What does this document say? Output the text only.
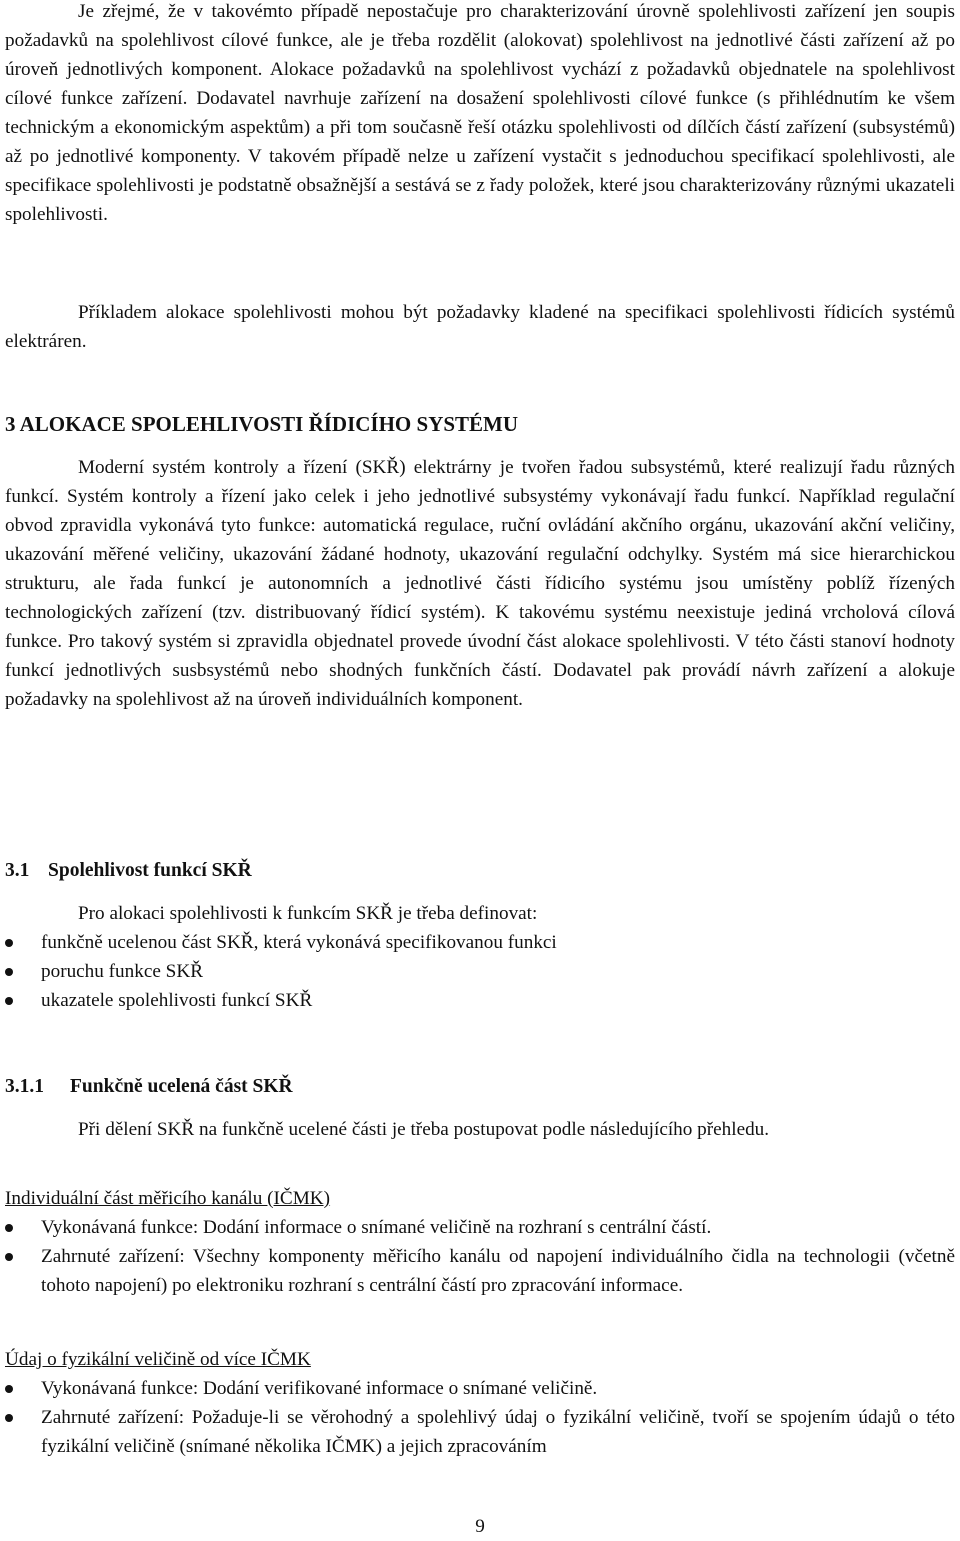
Je zřejmé, že v takovémto případě nepostačuje pro charakterizování úrovně spolehlivosti zařízení jen soupis požadavků na spolehlivost cílové funkce, ale je třeba rozdělit (alokovat) spolehlivost na jednotlivé části zařízení až po úroveň jednotlivých komponent. Alokace požadavků na spolehlivost vychází z požadavků objednatele na spolehlivost cílové funkce zařízení. Dodavatel navrhuje zařízení na dosažení spolehlivosti cílové funkce (s přihlédnutím ke všem technickým a ekonomickým aspektům) a při tom současně řeší otázku spolehlivosti od dílčích částí zařízení (subsystémů) až po jednotlivé komponenty. V takovém případě nelze u zařízení vystačit s jednoduchou specifikací spolehlivosti, ale specifikace spolehlivosti je podstatně obsažnější a sestává se z řady položek, které jsou charakterizovány různými ukazateli spolehlivosti.

Příkladem alokace spolehlivosti mohou být požadavky kladené na specifikaci spolehlivosti řídicích systémů elektráren.

3 ALOKACE SPOLEHLIVOSTI ŘÍDICÍHO SYSTÉMU

Moderní systém kontroly a řízení (SKŘ) elektrárny je tvořen řadou subsystémů, které realizují řadu různých funkcí. Systém kontroly a řízení jako celek i jeho jednotlivé subsystémy vykonávají řadu funkcí. Například regulační obvod zpravidla vykonává tyto funkce: automatická regulace, ruční ovládání akčního orgánu, ukazování akční veličiny, ukazování měřené veličiny, ukazování žádané hodnoty, ukazování regulační odchylky. Systém má sice hierarchickou strukturu, ale řada funkcí je autonomních a jednotlivé části řídicího systému jsou umístěny poblíž řízených technologických zařízení (tzv. distribuovaný řídicí systém). K takovému systému neexistuje jediná vrcholová cílová funkce. Pro takový systém si zpravidla objednatel provede úvodní část alokace spolehlivosti. V této části stanoví hodnoty funkcí jednotlivých susbsystémů nebo shodných funkčních částí. Dodavatel pak provádí návrh zařízení a alokuje požadavky na spolehlivost až na úroveň individuálních komponent.

3.1 Spolehlivost funkcí SKŘ

Pro alokaci spolehlivosti k funkcím SKŘ je třeba definovat:

funkčně ucelenou část SKŘ, která vykonává specifikovanou funkci
poruchu funkce SKŘ
ukazatele spolehlivosti funkcí SKŘ
3.1.1 Funkčně ucelená část SKŘ

Při dělení SKŘ na funkčně ucelené části je třeba postupovat podle následujícího přehledu.

Individuální část měřicího kanálu (IČMK)
Vykonávaná funkce: Dodání informace o snímané veličině na rozhraní s centrální částí.
Zahrnuté zařízení: Všechny komponenty měřicího kanálu od napojení individuálního čidla na technologii (včetně tohoto napojení) po elektroniku rozhraní s centrální částí pro zpracování informace.
Údaj o fyzikální veličině od více IČMK
Vykonávaná funkce: Dodání verifikované informace o snímané veličině.
Zahrnuté zařízení: Požaduje-li se věrohodný a spolehlivý údaj o fyzikální veličině, tvoří se spojením údajů o této fyzikální veličině (snímané několika IČMK) a jejich zpracováním
9
